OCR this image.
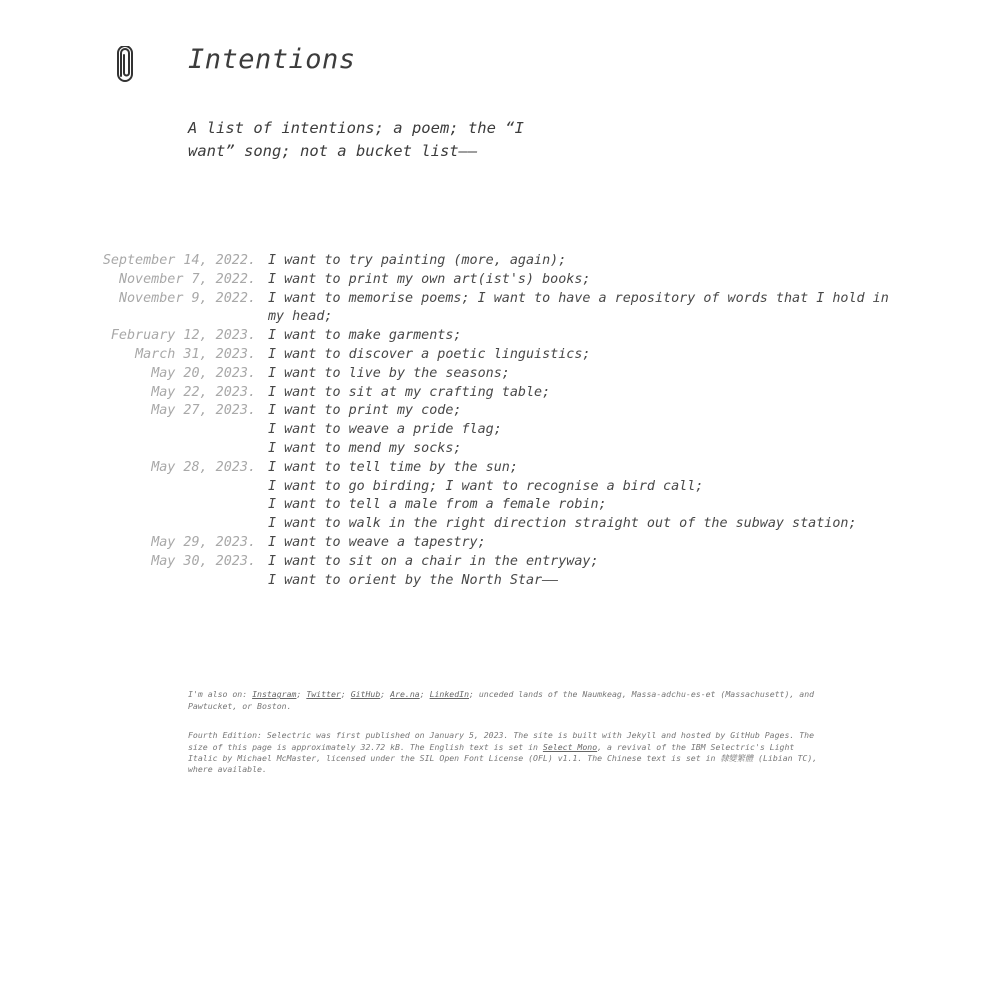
Intentions

A list of intentions; a poem; the “I want” song; not a bucket list——

September 14, 2022. I want to try painting (more, again);
November 7, 2022. I want to print my own art(ist's) books;
November 9, 2022. I want to memorise poems; I want to have a repository of words that I hold in my head;
February 12, 2023. I want to make garments;
March 31, 2023. I want to discover a poetic linguistics;
May 20, 2023. I want to live by the seasons;
May 22, 2023. I want to sit at my crafting table;
May 27, 2023. I want to print my code;
I want to weave a pride flag;
I want to mend my socks;
May 28, 2023. I want to tell time by the sun;
I want to go birding; I want to recognise a bird call;
I want to tell a male from a female robin;
I want to walk in the right direction straight out of the subway station;
May 29, 2023. I want to weave a tapestry;
May 30, 2023. I want to sit on a chair in the entryway;
I want to orient by the North Star——

I'm also on: Instagram; Twitter; GitHub; Are.na; LinkedIn; unceded lands of the Naumkeag, Massa-adchu-es-et (Massachusett), and Pawtucket, or Boston.

Fourth Edition: Selectric was first published on January 5, 2023. The site is built with Jekyll and hosted by GitHub Pages. The size of this page is approximately 32.72 kB. The English text is set in Select Mono, a revival of the IBM Selectric's Light Italic by Michael McMaster, licensed under the SIL Open Font License (OFL) v1.1. The Chinese text is set in 隸變繁體 (Libian TC), where available.
